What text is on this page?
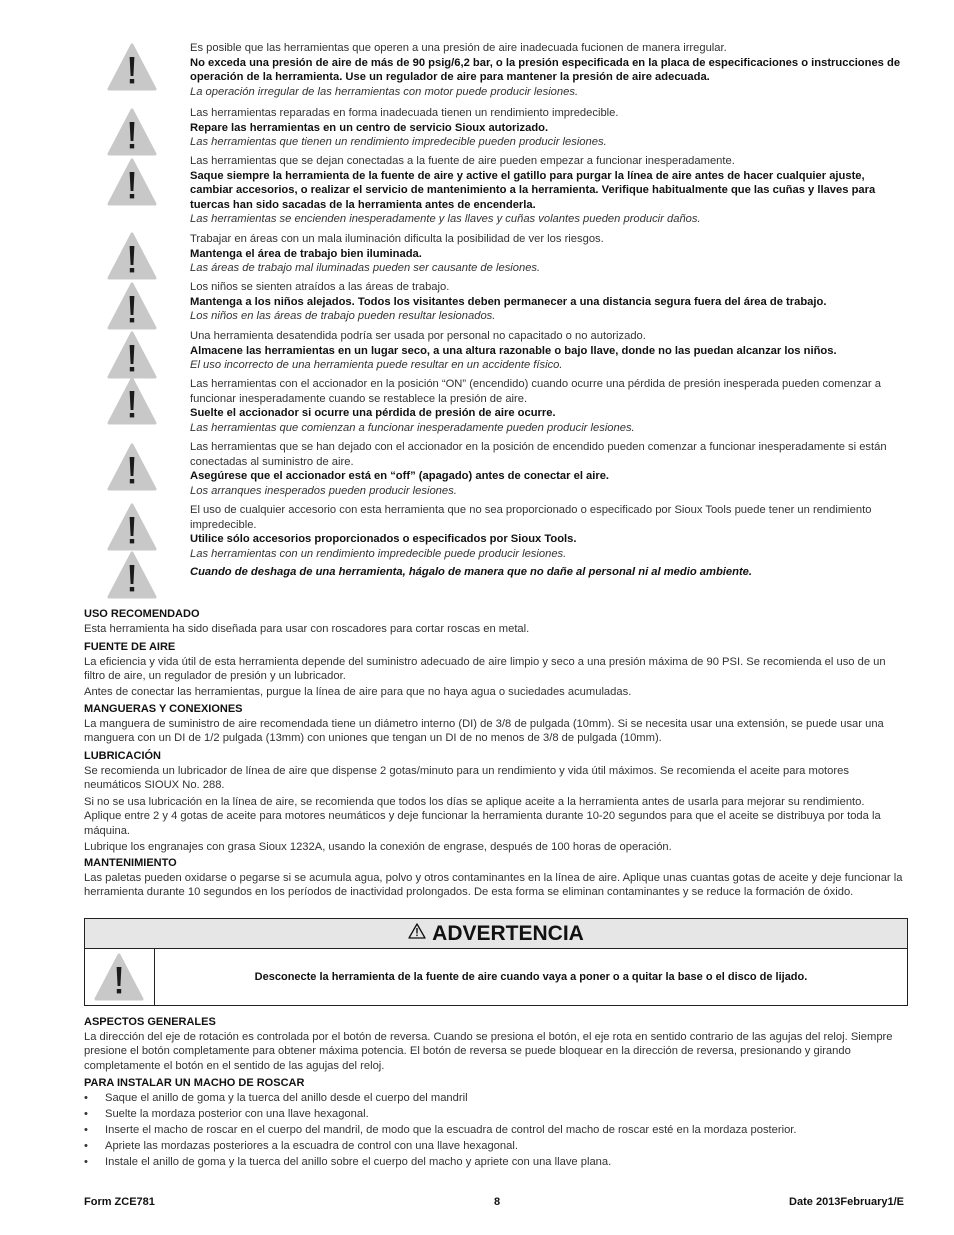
Es posible que las herramientas que operen a una presión de aire inadecuada fucionen de manera irregular.

No exceda una presión de aire de más de 90 psig/6,2 bar, o la presión especificada en la placa de especificaciones o instrucciones de operación de la herramienta. Use un regulador de aire para mantener la presión de aire adecuada.

La operación irregular de las herramientas con motor puede producir lesiones.

Las herramientas reparadas en forma inadecuada tienen un rendimiento impredecible.

Repare las herramientas en un centro de servicio Sioux autorizado.

Las herramientas que tienen un rendimiento impredecible pueden producir lesiones.

Las herramientas que se dejan conectadas a la fuente de aire pueden empezar a funcionar inesperadamente.

Saque siempre la herramienta de la fuente de aire y active el gatillo para purgar la línea de aire antes de hacer cualquier ajuste, cambiar accesorios, o realizar el servicio de mantenimiento a la herramienta. Verifique habitualmente que las cuñas y llaves para tuercas han sido sacadas de la herramienta antes de encenderla.

Las herramientas se encienden inesperadamente y las llaves y cuñas volantes pueden producir daños.

Trabajar en áreas con un mala iluminación dificulta la posibilidad de ver los riesgos.

Mantenga el área de trabajo bien iluminada.

Las áreas de trabajo mal iluminadas pueden ser causante de lesiones.

Los niños se sienten atraídos a las áreas de trabajo.

Mantenga a los niños alejados. Todos los visitantes deben permanecer a una distancia segura fuera del área de trabajo.

Los niños en las áreas de trabajo pueden resultar lesionados.

Una herramienta desatendida podría ser usada por personal no capacitado o no autorizado.

Almacene las herramientas en un lugar seco, a una altura razonable o bajo llave, donde no las puedan alcanzar los niños.

El uso incorrecto de una herramienta puede resultar en un accidente físico.

Las herramientas con el accionador en la posición “ON” (encendido) cuando ocurre una pérdida de presión inesperada pueden comenzar a funcionar inesperadamente cuando se restablece la presión de aire.

Suelte el accionador si ocurre una pérdida de presión de aire ocurre.

Las herramientas que comienzan a funcionar inesperadamente pueden producir lesiones.

Las herramientas que se han dejado con el accionador en la posición de encendido pueden comenzar a funcionar inesperadamente si están conectadas al suministro de aire.

Asegúrese que el accionador está en “off” (apagado) antes de conectar el aire.

Los arranques inesperados pueden producir lesiones.

El uso de cualquier accesorio con esta herramienta que no sea proporcionado o especificado por Sioux Tools puede tener un rendimiento impredecible.

Utilice sólo accesorios proporcionados o especificados por Sioux Tools.

Las herramientas con un rendimiento impredecible puede producir lesiones.

Cuando de deshaga de una herramienta, hágalo de manera que no dañe al personal ni al medio ambiente.

USO RECOMENDADO

Esta herramienta ha sido diseñada para usar con roscadores para cortar roscas en metal.

FUENTE DE AIRE

La eficiencia y vida útil de esta herramienta depende del suministro adecuado de aire limpio y seco a una presión máxima de 90 PSI. Se recomienda el uso de un filtro de aire, un regulador de presión y un lubricador.

Antes de conectar las herramientas, purgue la línea de aire para que no haya agua o suciedades acumuladas.

MANGUERAS Y CONEXIONES

La manguera de suministro de aire recomendada tiene un diámetro interno (DI) de 3/8 de pulgada (10mm). Si se necesita usar una extensión, se puede usar una manguera con un DI de 1/2 pulgada (13mm) con uniones que tengan un DI de no menos de 3/8 de pulgada (10mm).

LUBRICACIÓN

Se recomienda un lubricador de línea de aire que dispense 2 gotas/minuto para un rendimiento y vida útil máximos. Se recomienda el aceite para motores neumáticos SIOUX No. 288.

Si no se usa lubricación en la línea de aire, se recomienda que todos los días se aplique aceite a la herramienta antes de usarla para mejorar su rendimiento. Aplique entre 2 y 4 gotas de aceite para motores neumáticos y deje funcionar la herramienta durante 10-20 segundos para que el aceite se distribuya por toda la máquina.

Lubrique los engranajes con grasa Sioux 1232A, usando la conexión de engrase, después de 100 horas de operación.

MANTENIMIENTO

Las paletas pueden oxidarse o pegarse si se acumula agua, polvo y otros contaminantes en la línea de aire. Aplique unas cuantas gotas de aceite y deje funcionar la herramienta durante 10 segundos en los períodos de inactividad prolongados. De esta forma se eliminan contaminantes y se reduce la formación de óxido.

ADVERTENCIA
Desconecte la herramienta de la fuente de aire cuando vaya a poner o a quitar la base o el disco de lijado.

ASPECTOS GENERALES

La dirección del eje de rotación es controlada por el botón de reversa. Cuando se presiona el botón, el eje rota en sentido contrario de las agujas del reloj. Siempre presione el botón completamente para obtener máxima potencia. El botón de reversa se puede bloquear en la dirección de reversa, presionando y girando completamente el botón en el sentido de las agujas del reloj.

PARA INSTALAR UN MACHO DE ROSCAR

• Saque el anillo de goma y la tuerca del anillo desde el cuerpo del mandril
• Suelte la mordaza posterior con una llave hexagonal.
• Inserte el macho de roscar en el cuerpo del mandril, de modo que la escuadra de control del macho de roscar esté en la mordaza posterior.
• Apriete las mordazas posteriores a la escuadra de control con una llave hexagonal.
• Instale el anillo de goma y la tuerca del anillo sobre el cuerpo del macho y apriete con una llave plana.
Form ZCE781	8	Date 2013February1/E
